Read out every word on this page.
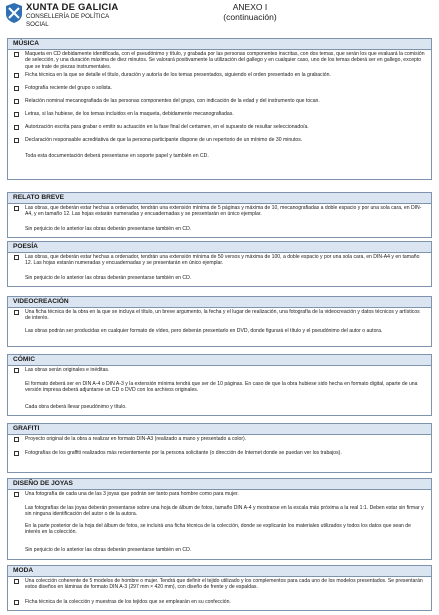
XUNTA DE GALICIA
CONSELLERÍA DE POLÍTICA
SOCIAL
ANEXO I
(continuación)
MÚSICA
Maqueta en CD debidamente identificada, con el pseudónimo y título, y grabada por las personas componentes inscritas, con dos temas, que serán los que evaluará la comisión de selección, y una duración máxima de diez minutos. Se valorará positivamente la utilización del gallego y en cualquier caso, uno de los temas deberá ser en gallego, excepto que se trate de piezas instrumentales.
Ficha técnica en la que se detalle el título, duración y autoría de los temas presentados, siguiendo el orden presentado en la grabación.
Fotografía reciente del grupo o solista.
Relación nominal mecanografiada de las personas componentes del grupo, con indicación de la edad y del instrumento que tocan.
Letras, si las hubiese, de los temas incluidos en la maqueta, debidamente mecanografiadas.
Autorización escrita para grabar o emitir su actuación en la fase final del certamen, en el supuesto de resultar seleccionado/a.
Declaración responsable acreditativa de que la persona participante dispone de un repertorio de un mínimo de 30 minutos.
Toda esta documentación deberá presentarse en soporte papel y también en CD.
RELATO BREVE
Las obras, que deberán estar hechas a ordenador, tendrán una extensión mínima de 5 páginas y máxima de 10, mecanografiadas a doble espacio y por una sola cara, en DIN-A4, y en tamaño 12. Las hojas estarán numeradas y encuadernadas y se presentarán en único ejemplar.
Sin perjuicio de lo anterior las obras deberán presentarse también en CD.
POESÍA
Las obras, que deberán estar hechas a ordenador, tendrán una extensión mínima de 50 versos y máxima de 100, a doble espacio y por una sola cara, en DIN-A4 y en tamaño 12. Las hojas estarán numeradas y encuadernadas y se presentarán en único ejemplar.
Sin perjuicio de lo anterior las obras deberán presentarse también en CD.
VIDEOCREACIÓN
Una ficha técnica de la obra en la que se incluya el título, un breve argumento, la fecha y el lugar de realización, una fotografía de la videocreación y datos técnicos y artísticos de interés.
Las obras podrán ser producidas en cualquier formato de vídeo, pero deberán presentarlo en DVD, donde figurará el título y el pseudónimo del autor o autora.
CÓMIC
Las obras serán originales e inéditas.
El formato deberá ser en DIN A-4 o DIN A-3 y la extensión mínima tendrá que ser de 10 páginas. En caso de que la obra hubiese sido hecha en formato digital, aparte de una versión impresa deberá adjuntarse un CD o DVD con los archivos originales.
Cada obra deberá llevar pseudónimo y título.
GRAFITI
Proyecto original de la obra a realizar en formato DIN-A3 (realizado a mano y presentado a color).
Fotografías de los graffiti realizados más recientemente por la persona solicitante (o dirección de Internet donde se puedan ver los trabajos).
DISEÑO DE JOYAS
Una fotografía de cada una de las 3 joyas que podrán ser tanto para hombre como para mujer.
Las fotografías de las joyas deberán presentarse sobre una hoja de álbum de fotos, tamaño DIN A-4 y mostrarse en la escala más próxima a la real 1:1. Deben estar sin firmar y sin ninguna identificación del autor o de la autora.
En la parte posterior de la hoja del álbum de fotos, se incluirá una ficha técnica de la colección, donde se explicarán los materiales utilizados y todos los datos que sean de interés en la colección.
Sin perjuicio de lo anterior las obras deberán presentarse también en CD.
MODA
Una colección coherente de 5 modelos de hombre o mujer. Tendrá que definir el tejido utilizado y los complementos para cada uno de los modelos presentados. Se presentarán estos diseños en láminas de formato DIN A-3 (297 mm × 420 mm), con diseño de frente y de espaldas.
Ficha técnica de la colección y muestras de los tejidos que se emplearán en su confección.
